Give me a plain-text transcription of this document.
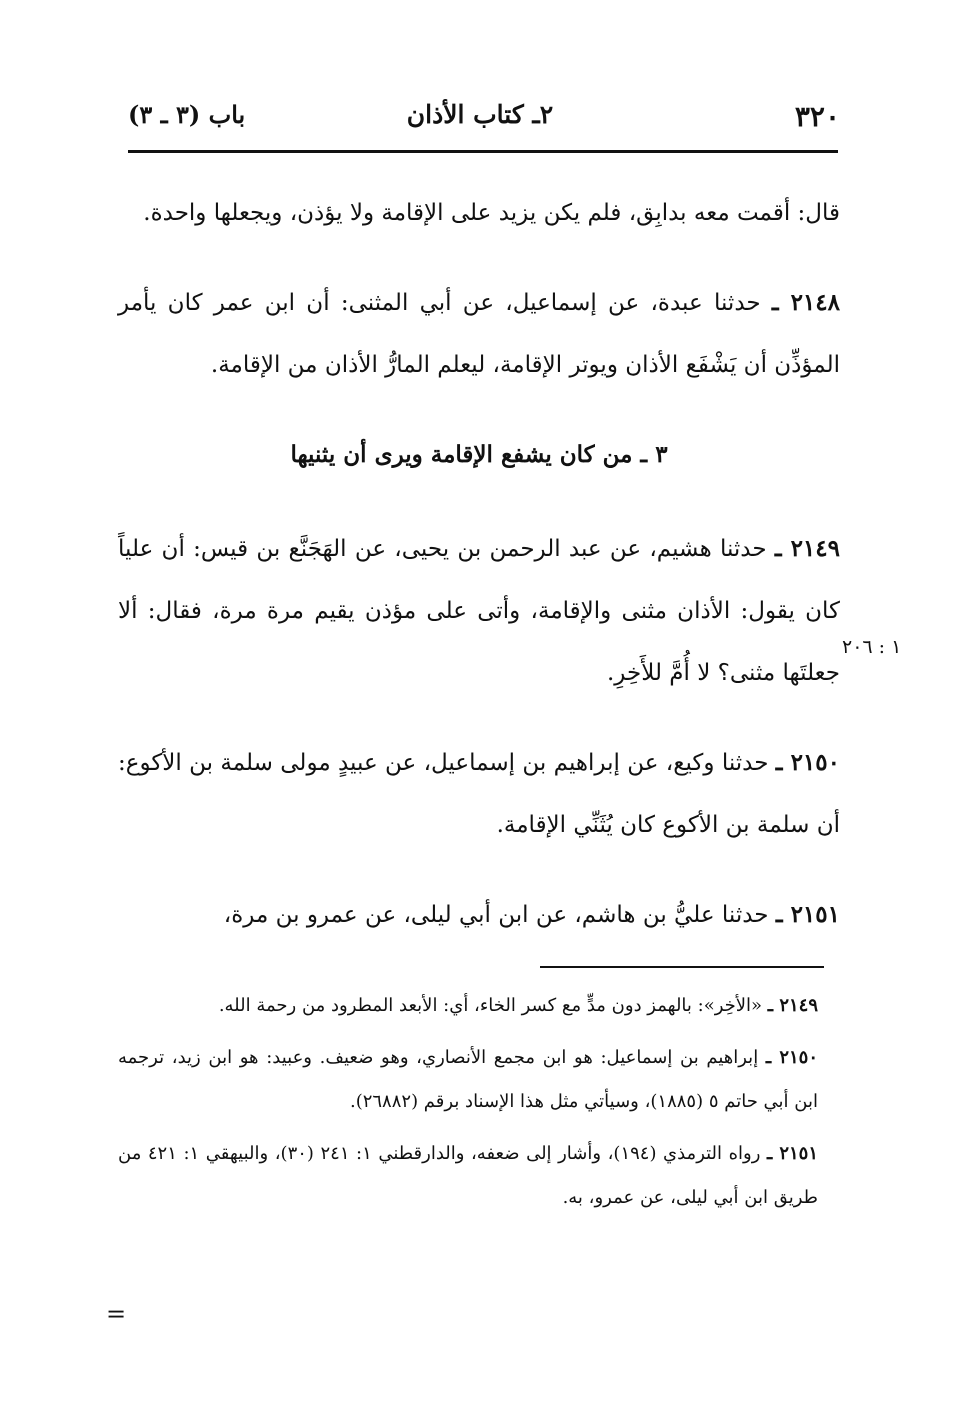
٣٢٠
٢ـ كتاب الأذان
باب (٣ ـ ٣)

قال: أقمت معه بدابِق، فلم يكن يزيد على الإقامة ولا يؤذن، ويجعلها واحدة.

٢١٤٨ ـ حدثنا عبدة، عن إسماعيل، عن أبي المثنى: أن ابن عمر كان يأمر المؤذِّن أن يَشْفَع الأذان ويوتر الإقامة، ليعلم المارُّ الأذان من الإقامة.

٣ ـ من كان يشفع الإقامة ويرى أن يثنيها

٢١٤٩ ـ حدثنا هشيم، عن عبد الرحمن بن يحيى، عن الهَجَنَّع بن قيس: أن علياً كان يقول: الأذان مثنى والإقامة، وأتى على مؤذن يقيم مرة مرة، فقال: ألا جعلتَها مثنى؟ لا أُمَّ للأَخِرِ.

٢١٥٠ ـ حدثنا وكيع، عن إبراهيم بن إسماعيل، عن عبيدٍ مولى سلمة بن الأكوع: أن سلمة بن الأكوع كان يُثَنِّي الإقامة.

٢١٥١ ـ حدثنا عليُّ بن هاشم، عن ابن أبي ليلى، عن عمرو بن مرة،

١ : ٢٠٦

٢١٤٩ ـ «الأخِر»: بالهمز دون مدٍّ مع كسر الخاء، أي: الأبعد المطرود من رحمة الله.

٢١٥٠ ـ إبراهيم بن إسماعيل: هو ابن مجمع الأنصاري، وهو ضعيف. وعبيد: هو ابن زيد، ترجمه ابن أبي حاتم ٥ (١٨٨٥)، وسيأتي مثل هذا الإسناد برقم (٢٦٨٨٢).

٢١٥١ ـ رواه الترمذي (١٩٤)، وأشار إلى ضعفه، والدارقطني ١: ٢٤١ (٣٠)، والبيهقي ١: ٤٢١ من طريق ابن أبي ليلى، عن عمرو، به.

=
